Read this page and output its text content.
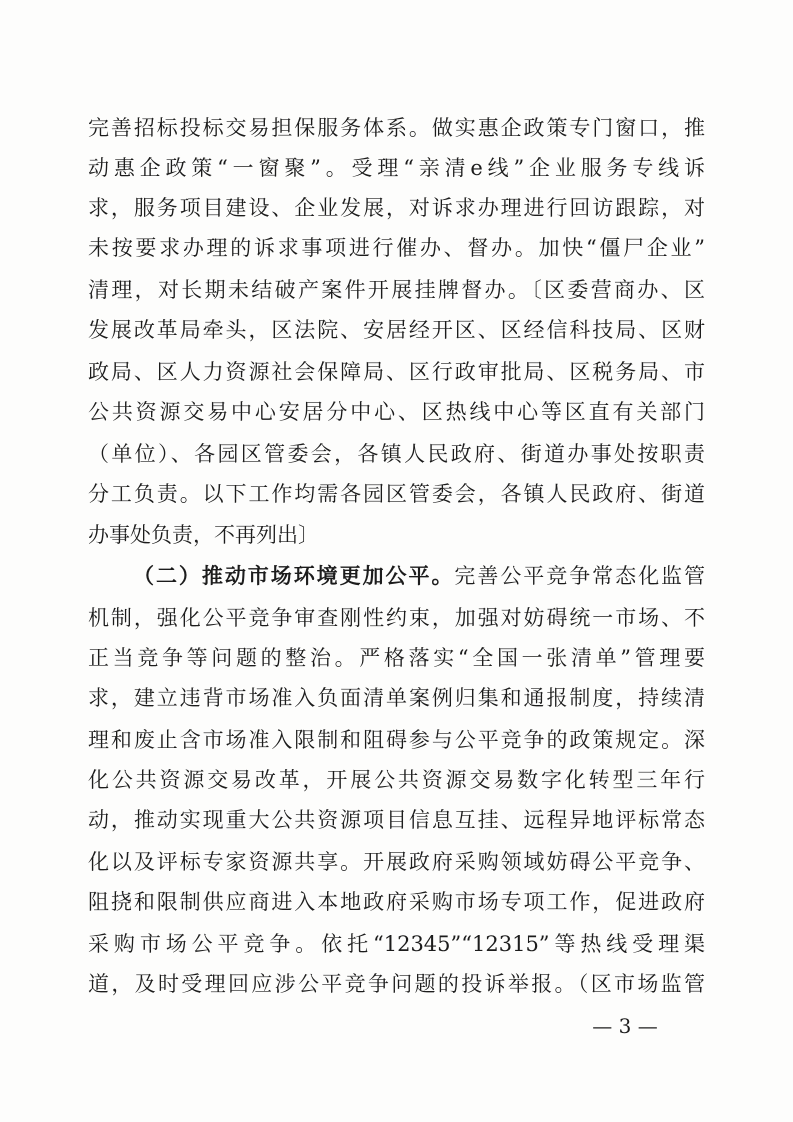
完善招标投标交易担保服务体系。做实惠企政策专门窗口，推
动惠企政策“一窗聚”。受理“亲清e线”企业服务专线诉
求，服务项目建设、企业发展，对诉求办理进行回访跟踪，对
未按要求办理的诉求事项进行催办、督办。加快“僵尸企业”
清理，对长期未结破产案件开展挂牌督办。〔区委营商办、区
发展改革局牵头，区法院、安居经开区、区经信科技局、区财
政局、区人力资源社会保障局、区行政审批局、区税务局、市
公共资源交易中心安居分中心、区热线中心等区直有关部门
（单位）、各园区管委会，各镇人民政府、街道办事处按职责
分工负责。以下工作均需各园区管委会，各镇人民政府、街道
办事处负责，不再列出〕
（二）推动市场环境更加公平。完善公平竞争常态化监管
机制，强化公平竞争审查刚性约束，加强对妨碍统一市场、不
正当竞争等问题的整治。严格落实“全国一张清单”管理要
求，建立违背市场准入负面清单案例归集和通报制度，持续清
理和废止含市场准入限制和阻碍参与公平竞争的政策规定。深
化公共资源交易改革，开展公共资源交易数字化转型三年行
动，推动实现重大公共资源项目信息互挂、远程异地评标常态
化以及评标专家资源共享。开展政府采购领域妨碍公平竞争、
阻挠和限制供应商进入本地政府采购市场专项工作，促进政府
采购市场公平竞争。依托“12345”“12315”等热线受理渠
道，及时受理回应涉公平竞争问题的投诉举报。（区市场监管
— 3 —
